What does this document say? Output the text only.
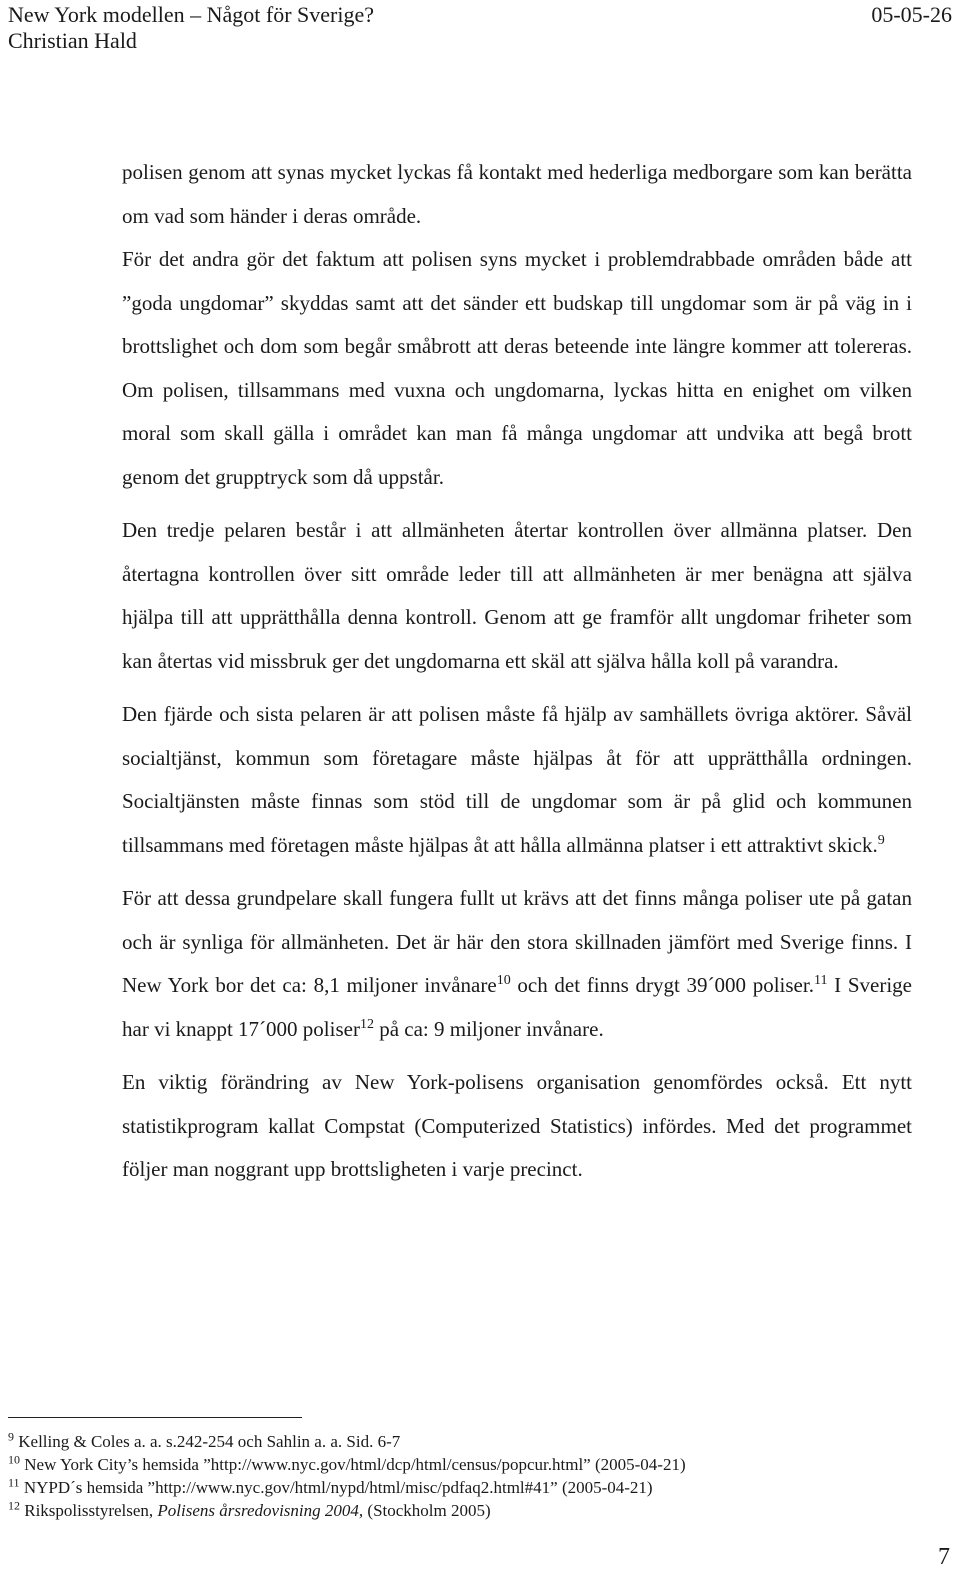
New York modellen – Något för Sverige?	05-05-26
Christian Hald

polisen genom att synas mycket lyckas få kontakt med hederliga medborgare som kan berätta om vad som händer i deras område.

För det andra gör det faktum att polisen syns mycket i problemdrabbade områden både att ”goda ungdomar” skyddas samt att det sänder ett budskap till ungdomar som är på väg in i brottslighet och dom som begår småbrott att deras beteende inte längre kommer att tolereras. Om polisen, tillsammans med vuxna och ungdomarna, lyckas hitta en enighet om vilken moral som skall gälla i området kan man få många ungdomar att undvika att begå brott genom det grupptryck som då uppstår.

Den tredje pelaren består i att allmänheten återtar kontrollen över allmänna platser. Den återtagna kontrollen över sitt område leder till att allmänheten är mer benägna att själva hjälpa till att upprätthålla denna kontroll. Genom att ge framför allt ungdomar friheter som kan återtas vid missbruk ger det ungdomarna ett skäl att själva hålla koll på varandra.

Den fjärde och sista pelaren är att polisen måste få hjälp av samhällets övriga aktörer. Såväl socialtjänst, kommun som företagare måste hjälpas åt för att upprätthålla ordningen. Socialtjänsten måste finnas som stöd till de ungdomar som är på glid och kommunen tillsammans med företagen måste hjälpas åt att hålla allmänna platser i ett attraktivt skick.$^9$

För att dessa grundpelare skall fungera fullt ut krävs att det finns många poliser ute på gatan och är synliga för allmänheten. Det är här den stora skillnaden jämfört med Sverige finns. I New York bor det ca: 8,1 miljoner invånare$^{10}$ och det finns drygt 39´000 poliser.$^{11}$ I Sverige har vi knappt 17´000 poliser$^{12}$ på ca: 9 miljoner invånare.

En viktig förändring av New York-polisens organisation genomfördes också. Ett nytt statistikprogram kallat Compstat (Computerized Statistics) infördes. Med det programmet följer man noggrant upp brottsligheten i varje precinct.

$^9$ Kelling & Coles a. a. s.242-254 och Sahlin a. a. Sid. 6-7
$^{10}$ New York City’s hemsida ”http://www.nyc.gov/html/dcp/html/census/popcur.html” (2005-04-21)
$^{11}$ NYPD´s hemsida ”http://www.nyc.gov/html/nypd/html/misc/pdfaq2.html#41” (2005-04-21)
$^{12}$ Rikspolisstyrelsen, Polisens årsredovisning 2004, (Stockholm 2005)
7
